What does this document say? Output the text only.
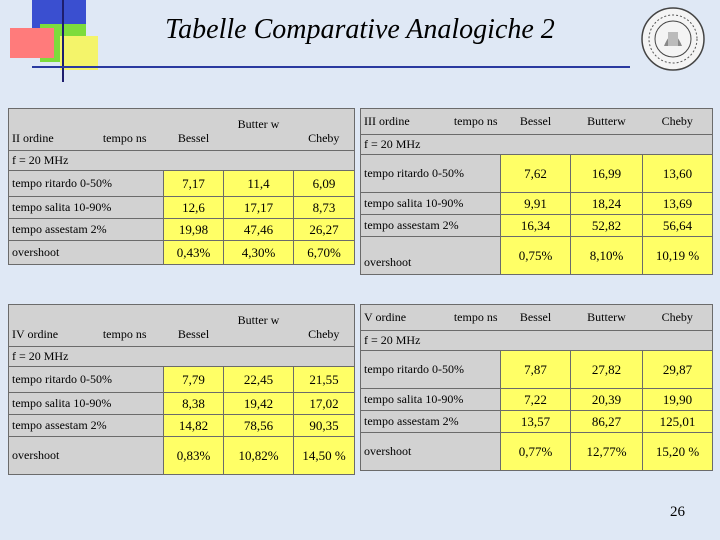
Tabelle Comparative Analogiche 2
II ordine tempo ns	Bessel	Butter w	Cheby
f = 20 MHz			
tempo ritardo 0-50%	7,17	11,4	6,09
tempo salita 10-90%	12,6	17,17	8,73
tempo assestam 2%	19,98	47,46	26,27
overshoot	0,43%	4,30%	6,70%
III ordine tempo ns	Bessel	Butterw	Cheby
f = 20 MHz			
tempo ritardo 0-50%	7,62	16,99	13,60
tempo salita 10-90%	9,91	18,24	13,69
tempo assestam 2%	16,34	52,82	56,64
overshoot	0,75%	8,10%	10,19 %
IV ordine tempo ns	Bessel	Butter w	Cheby
f = 20 MHz			
tempo ritardo 0-50%	7,79	22,45	21,55
tempo salita 10-90%	8,38	19,42	17,02
tempo assestam 2%	14,82	78,56	90,35
overshoot	0,83%	10,82%	14,50 %
V ordine tempo ns	Bessel	Butterw	Cheby
f = 20 MHz			
tempo ritardo 0-50%	7,87	27,82	29,87
tempo salita 10-90%	7,22	20,39	19,90
tempo assestam 2%	13,57	86,27	125,01
overshoot	0,77%	12,77%	15,20 %
26
